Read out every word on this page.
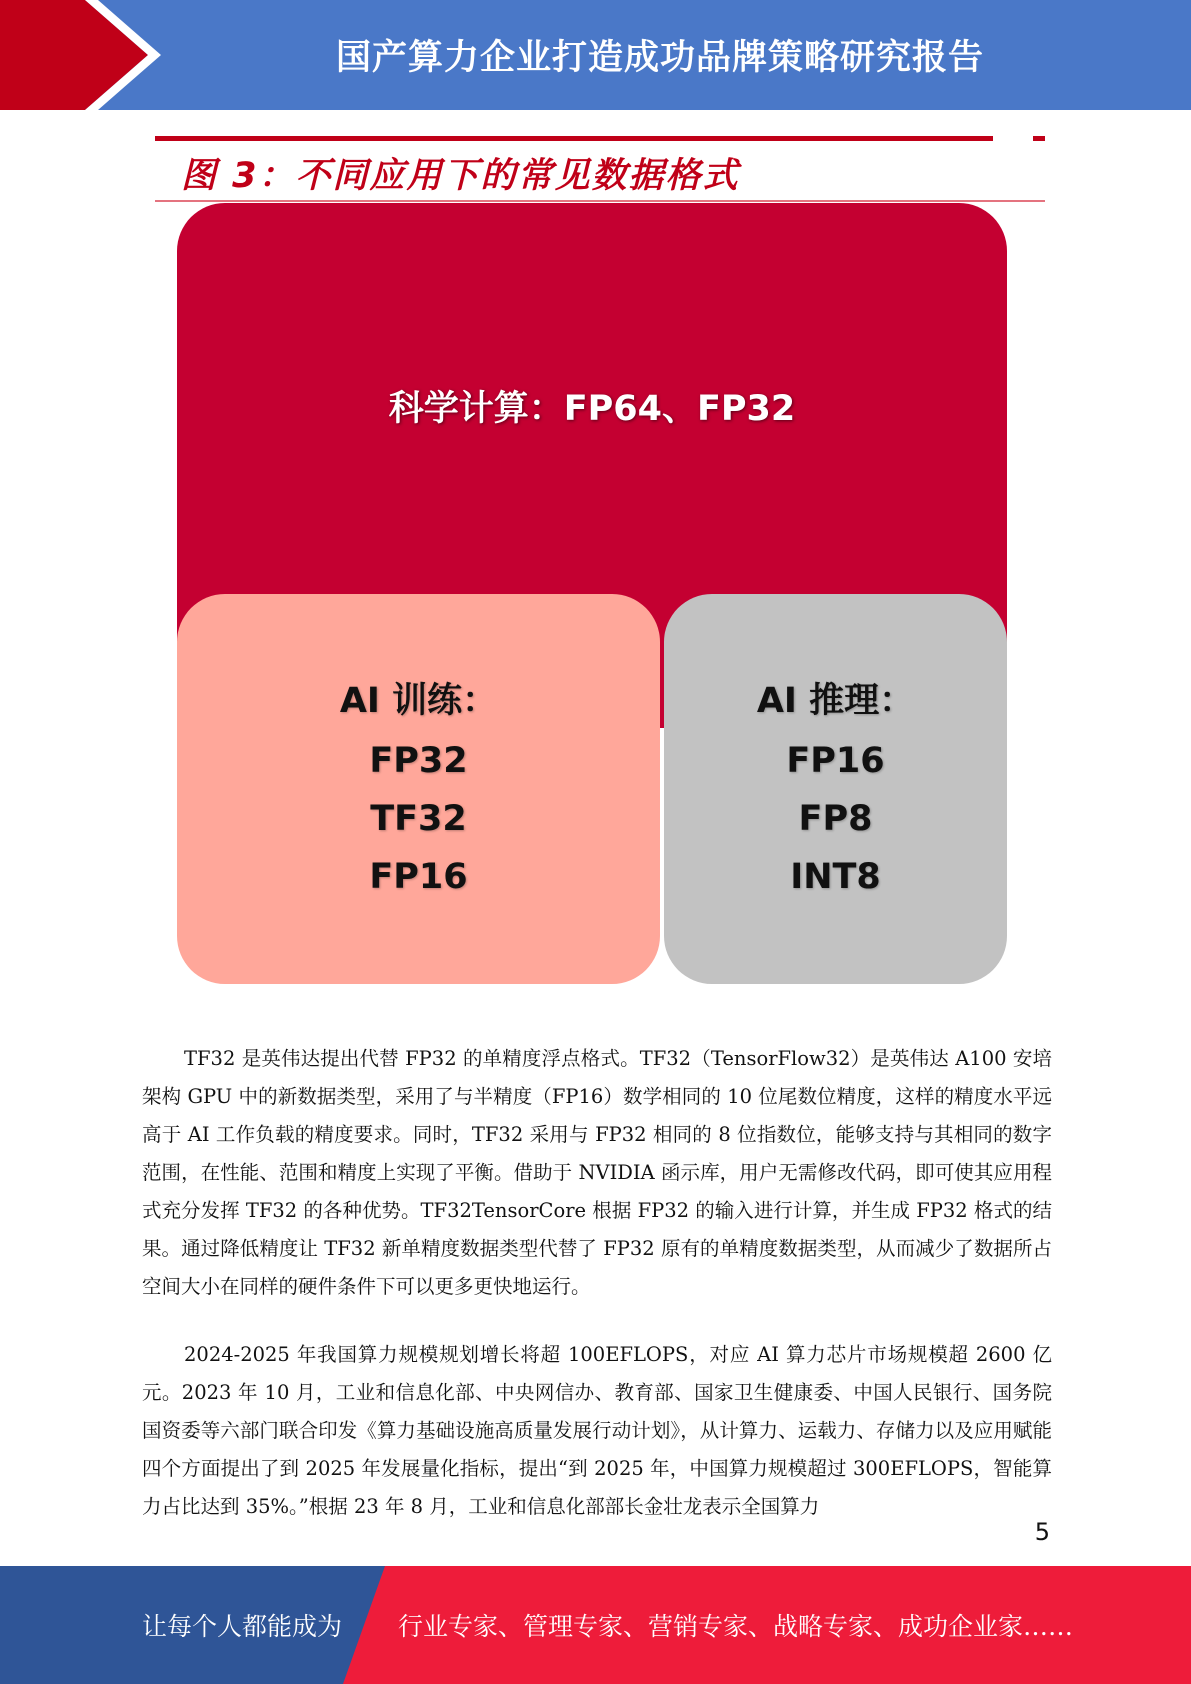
国产算力企业打造成功品牌策略研究报告
图 3：不同应用下的常见数据格式
科学计算：FP64、FP32
AI 训练：
FP32
TF32
FP16
AI 推理：
FP16
FP8
INT8

TF32 是英伟达提出代替 FP32 的单精度浮点格式。TF32（TensorFlow32）是英伟达 A100 安培架构 GPU 中的新数据类型，采用了与半精度（FP16）数学相同的 10 位尾数位精度，这样的精度水平远高于 AI 工作负载的精度要求。同时，TF32 采用与 FP32 相同的 8 位指数位，能够支持与其相同的数字范围，在性能、范围和精度上实现了平衡。借助于 NVIDIA 函示库，用户无需修改代码，即可使其应用程式充分发挥 TF32 的各种优势。TF32TensorCore 根据 FP32 的输入进行计算，并生成 FP32 格式的结果。通过降低精度让 TF32 新单精度数据类型代替了 FP32 原有的单精度数据类型，从而减少了数据所占空间大小在同样的硬件条件下可以更多更快地运行。

2024-2025 年我国算力规模规划增长将超 100EFLOPS，对应 AI 算力芯片市场规模超 2600 亿元。2023 年 10 月，工业和信息化部、中央网信办、教育部、国家卫生健康委、中国人民银行、国务院国资委等六部门联合印发《算力基础设施高质量发展行动计划》，从计算力、运载力、存储力以及应用赋能四个方面提出了到 2025 年发展量化指标，提出“到 2025 年，中国算力规模超过 300EFLOPS，智能算力占比达到 35%。”根据 23 年 8 月，工业和信息化部部长金壮龙表示全国算力

5
让每个人都能成为 行业专家、管理专家、营销专家、战略专家、成功企业家……
